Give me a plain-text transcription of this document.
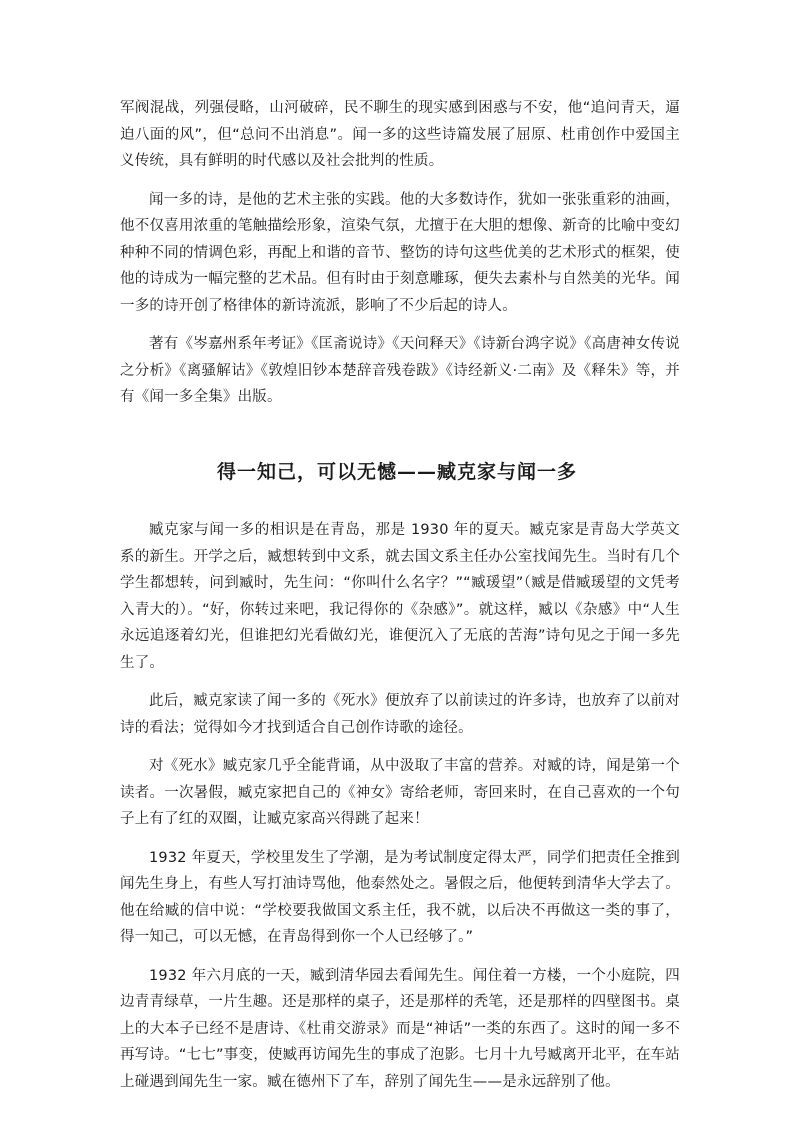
军阀混战，列强侵略，山河破碎，民不聊生的现实感到困惑与不安，他“追问青天，逼迫八面的风”，但“总问不出消息”。闻一多的这些诗篇发展了屈原、杜甫创作中爱国主义传统，具有鲜明的时代感以及社会批判的性质。

闻一多的诗，是他的艺术主张的实践。他的大多数诗作，犹如一张张重彩的油画，他不仅喜用浓重的笔触描绘形象，渲染气氛，尤擅于在大胆的想像、新奇的比喻中变幻种种不同的情调色彩，再配上和谐的音节、整饬的诗句这些优美的艺术形式的框架，使他的诗成为一幅完整的艺术品。但有时由于刻意雕琢，便失去素朴与自然美的光华。闻一多的诗开创了格律体的新诗流派，影响了不少后起的诗人。

著有《岑嘉州系年考证》《匡斋说诗》《天问释天》《诗新台鸿字说》《高唐神女传说之分析》《离骚解诂》《敦煌旧钞本楚辞音残卷跋》《诗经新义·二南》及《释朱》等，并有《闻一多全集》出版。

得一知己，可以无憾——臧克家与闻一多

臧克家与闻一多的相识是在青岛，那是 1930 年的夏天。臧克家是青岛大学英文系的新生。开学之后，臧想转到中文系，就去国文系主任办公室找闻先生。当时有几个学生都想转，问到臧时，先生问：“你叫什么名字？”“臧瑗望”（臧是借臧瑗望的文凭考入青大的）。“好，你转过来吧，我记得你的《杂感》”。就这样，臧以《杂感》中“人生永远追逐着幻光，但谁把幻光看做幻光，谁便沉入了无底的苦海”诗句见之于闻一多先生了。

此后，臧克家读了闻一多的《死水》便放弃了以前读过的许多诗，也放弃了以前对诗的看法；觉得如今才找到适合自己创作诗歌的途径。

对《死水》臧克家几乎全能背诵，从中汲取了丰富的营养。对臧的诗，闻是第一个读者。一次暑假，臧克家把自己的《神女》寄给老师，寄回来时，在自己喜欢的一个句子上有了红的双圈，让臧克家高兴得跳了起来！

1932 年夏天，学校里发生了学潮，是为考试制度定得太严，同学们把责任全推到闻先生身上，有些人写打油诗骂他，他泰然处之。暑假之后，他便转到清华大学去了。他在给臧的信中说：“学校要我做国文系主任，我不就，以后决不再做这一类的事了，得一知己，可以无憾，在青岛得到你一个人已经够了。”

1932 年六月底的一天，臧到清华园去看闻先生。闻住着一方楼，一个小庭院，四边青青绿草，一片生趣。还是那样的桌子，还是那样的秃笔，还是那样的四壁图书。桌上的大本子已经不是唐诗、《杜甫交游录》而是“神话”一类的东西了。这时的闻一多不再写诗。“七七”事变，使臧再访闻先生的事成了泡影。七月十九号臧离开北平，在车站上碰遇到闻先生一家。臧在德州下了车，辞别了闻先生——是永远辞别了他。
